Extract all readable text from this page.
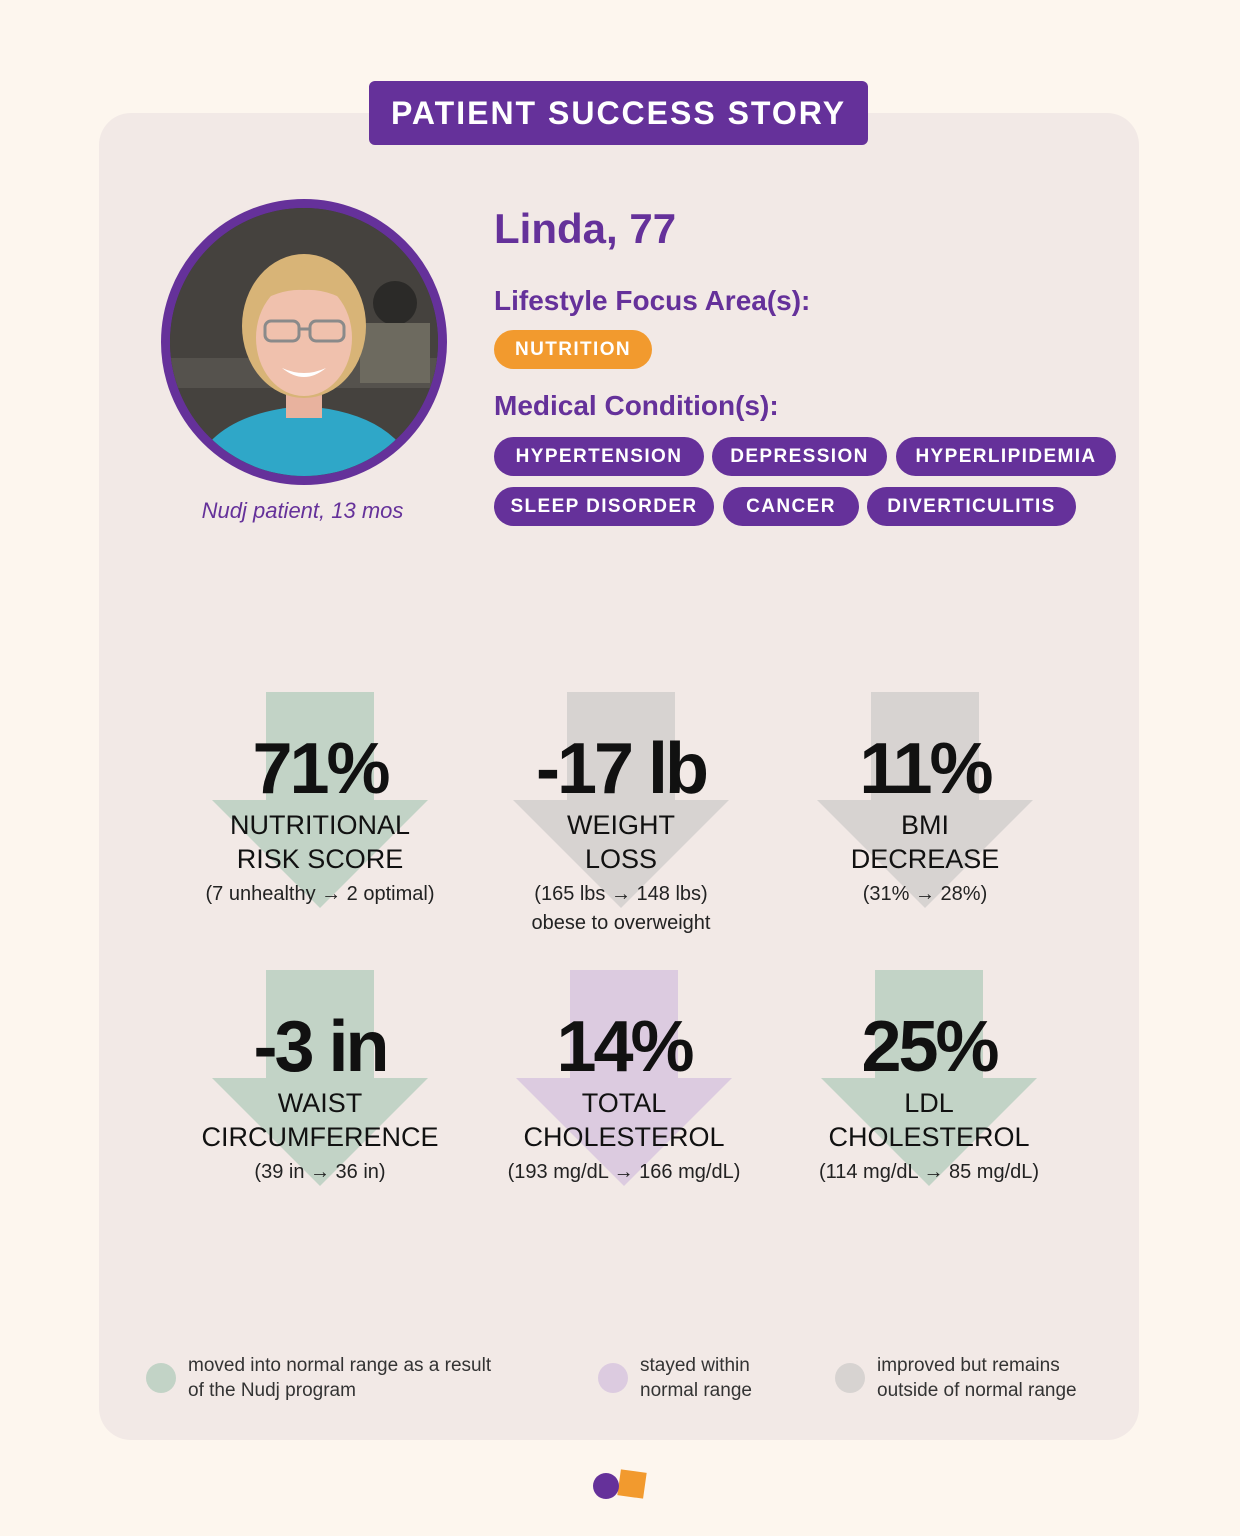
PATIENT SUCCESS STORY
Nudj patient, 13 mos
Linda, 77
Lifestyle Focus Area(s):
NUTRITION
Medical Condition(s):
HYPERTENSION	DEPRESSION	HYPERLIPIDEMIA
SLEEP DISORDER	CANCER	DIVERTICULITIS
71%
NUTRITIONAL
RISK SCORE
(7 unhealthy → 2 optimal)
-17 lb
WEIGHT
LOSS
(165 lbs → 148 lbs)
obese to overweight
11%
BMI
DECREASE
(31% → 28%)
-3 in
WAIST
CIRCUMFERENCE
(39 in → 36 in)
14%
TOTAL
CHOLESTEROL
(193 mg/dL → 166 mg/dL)
25%
LDL
CHOLESTEROL
(114 mg/dL → 85 mg/dL)
moved into normal range as a result
of the Nudj program
stayed within
normal range
improved but remains
outside of normal range
